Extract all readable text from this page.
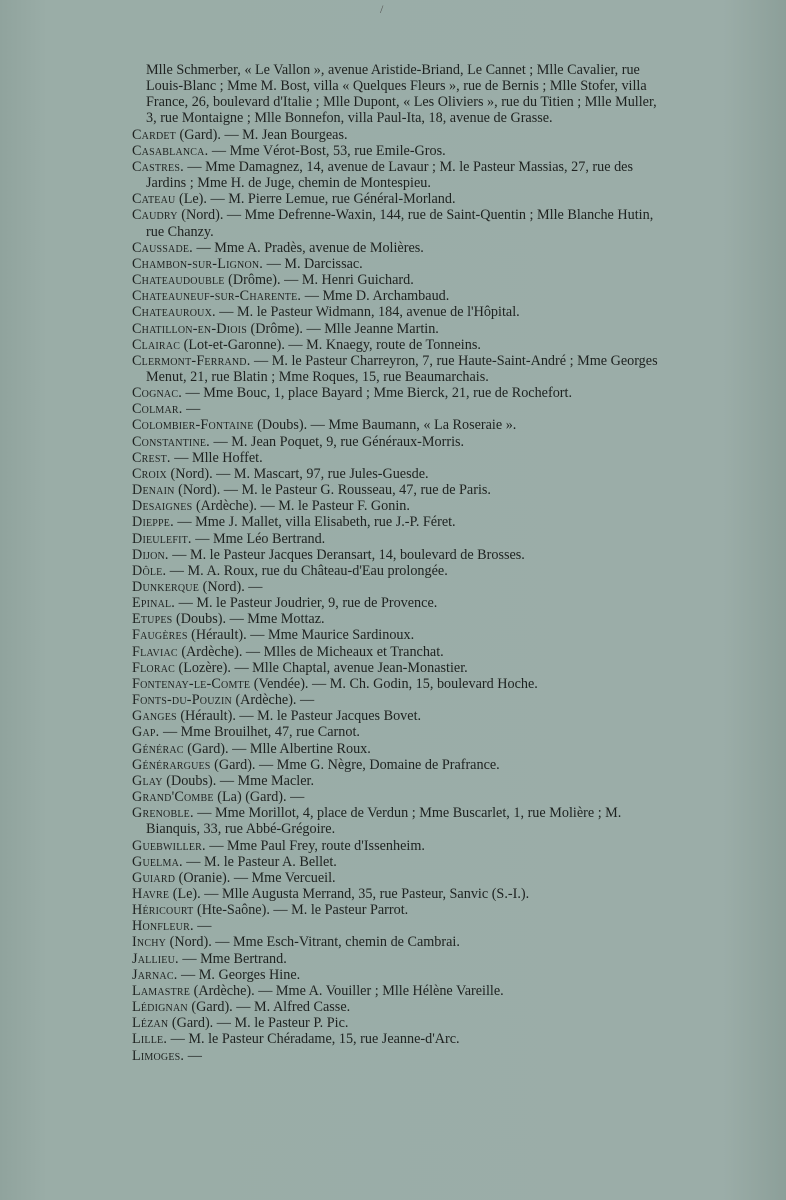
/

Mlle Schmerber, « Le Vallon », avenue Aristide-Briand, Le Cannet ; Mlle Cavalier, rue Louis-Blanc ; Mme M. Bost, villa « Quelques Fleurs », rue de Bernis ; Mlle Stofer, villa France, 26, boulevard d'Italie ; Mlle Dupont, « Les Oliviers », rue du Titien ; Mlle Muller, 3, rue Montaigne ; Mlle Bonnefon, villa Paul-Ita, 18, avenue de Grasse.

Cardet (Gard). — M. Jean Bourgeas.

Casablanca. — Mme Vérot-Bost, 53, rue Emile-Gros.

Castres. — Mme Damagnez, 14, avenue de Lavaur ; M. le Pasteur Massias, 27, rue des Jardins ; Mme H. de Juge, chemin de Montespieu.

Cateau (Le). — M. Pierre Lemue, rue Général-Morland.

Caudry (Nord). — Mme Defrenne-Waxin, 144, rue de Saint-Quentin ; Mlle Blanche Hutin, rue Chanzy.

Caussade. — Mme A. Pradès, avenue de Molières.

Chambon-sur-Lignon. — M. Darcissac.

Chateaudouble (Drôme). — M. Henri Guichard.

Chateauneuf-sur-Charente. — Mme D. Archambaud.

Chateauroux. — M. le Pasteur Widmann, 184, avenue de l'Hôpital.

Chatillon-en-Diois (Drôme). — Mlle Jeanne Martin.

Clairac (Lot-et-Garonne). — M. Knaegy, route de Tonneins.

Clermont-Ferrand. — M. le Pasteur Charreyron, 7, rue Haute-Saint-André ; Mme Georges Menut, 21, rue Blatin ; Mme Roques, 15, rue Beaumarchais.

Cognac. — Mme Bouc, 1, place Bayard ; Mme Bierck, 21, rue de Rochefort.

Colmar. —

Colombier-Fontaine (Doubs). — Mme Baumann, « La Roseraie ».

Constantine. — M. Jean Poquet, 9, rue Généraux-Morris.

Crest. — Mlle Hoffet.

Croix (Nord). — M. Mascart, 97, rue Jules-Guesde.

Denain (Nord). — M. le Pasteur G. Rousseau, 47, rue de Paris.

Desaignes (Ardèche). — M. le Pasteur F. Gonin.

Dieppe. — Mme J. Mallet, villa Elisabeth, rue J.-P. Féret.

Dieulefit. — Mme Léo Bertrand.

Dijon. — M. le Pasteur Jacques Deransart, 14, boulevard de Brosses.

Dôle. — M. A. Roux, rue du Château-d'Eau prolongée.

Dunkerque (Nord). —

Epinal. — M. le Pasteur Joudrier, 9, rue de Provence.

Etupes (Doubs). — Mme Mottaz.

Faugères (Hérault). — Mme Maurice Sardinoux.

Flaviac (Ardèche). — Mlles de Micheaux et Tranchat.

Florac (Lozère). — Mlle Chaptal, avenue Jean-Monastier.

Fontenay-le-Comte (Vendée). — M. Ch. Godin, 15, boulevard Hoche.

Fonts-du-Pouzin (Ardèche). —

Ganges (Hérault). — M. le Pasteur Jacques Bovet.

Gap. — Mme Brouilhet, 47, rue Carnot.

Générac (Gard). — Mlle Albertine Roux.

Générargues (Gard). — Mme G. Nègre, Domaine de Prafrance.

Glay (Doubs). — Mme Macler.

Grand'Combe (La) (Gard). —

Grenoble. — Mme Morillot, 4, place de Verdun ; Mme Buscarlet, 1, rue Molière ; M. Bianquis, 33, rue Abbé-Grégoire.

Guebwiller. — Mme Paul Frey, route d'Issenheim.

Guelma. — M. le Pasteur A. Bellet.

Guiard (Oranie). — Mme Vercueil.

Havre (Le). — Mlle Augusta Merrand, 35, rue Pasteur, Sanvic (S.-I.).

Héricourt (Hte-Saône). — M. le Pasteur Parrot.

Honfleur. —

Inchy (Nord). — Mme Esch-Vitrant, chemin de Cambrai.

Jallieu. — Mme Bertrand.

Jarnac. — M. Georges Hine.

Lamastre (Ardèche). — Mme A. Vouiller ; Mlle Hélène Vareille.

Lédignan (Gard). — M. Alfred Casse.

Lézan (Gard). — M. le Pasteur P. Pic.

Lille. — M. le Pasteur Chéradame, 15, rue Jeanne-d'Arc.

Limoges. —
